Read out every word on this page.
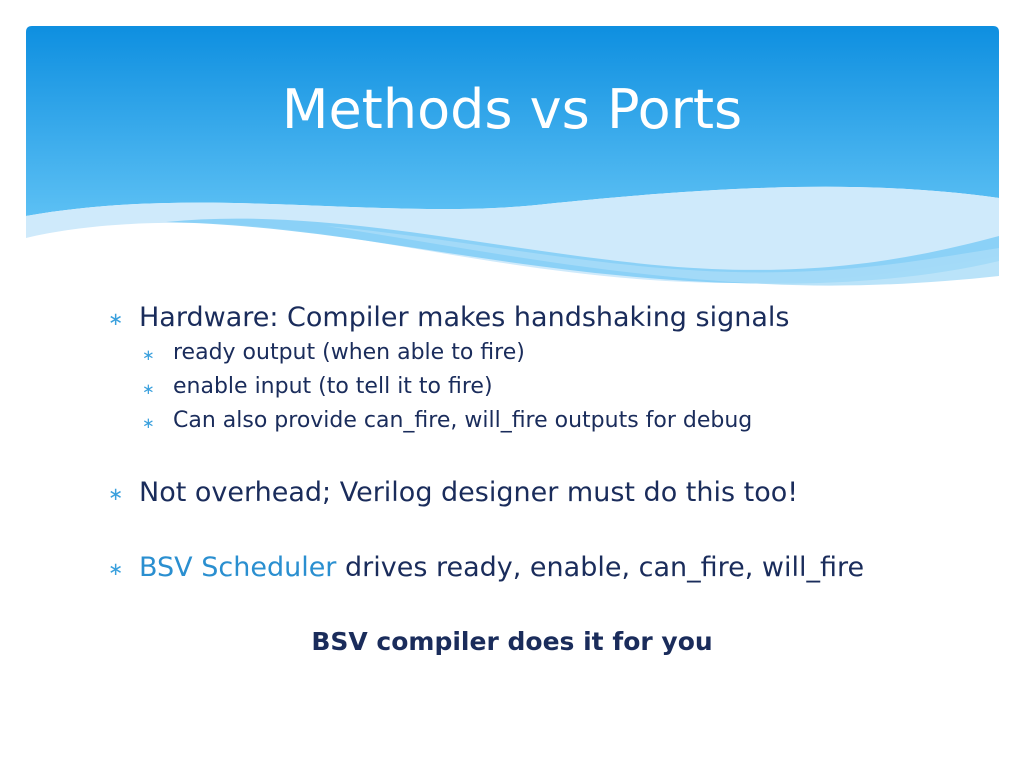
Methods vs Ports
∗ Hardware: Compiler makes handshaking signals
∗ ready output (when able to fire)
∗ enable input (to tell it to fire)
∗ Can also provide can_fire, will_fire outputs for debug
∗ Not overhead; Verilog designer must do this too!
∗ BSV Scheduler drives ready, enable, can_fire, will_fire
BSV compiler does it for you
